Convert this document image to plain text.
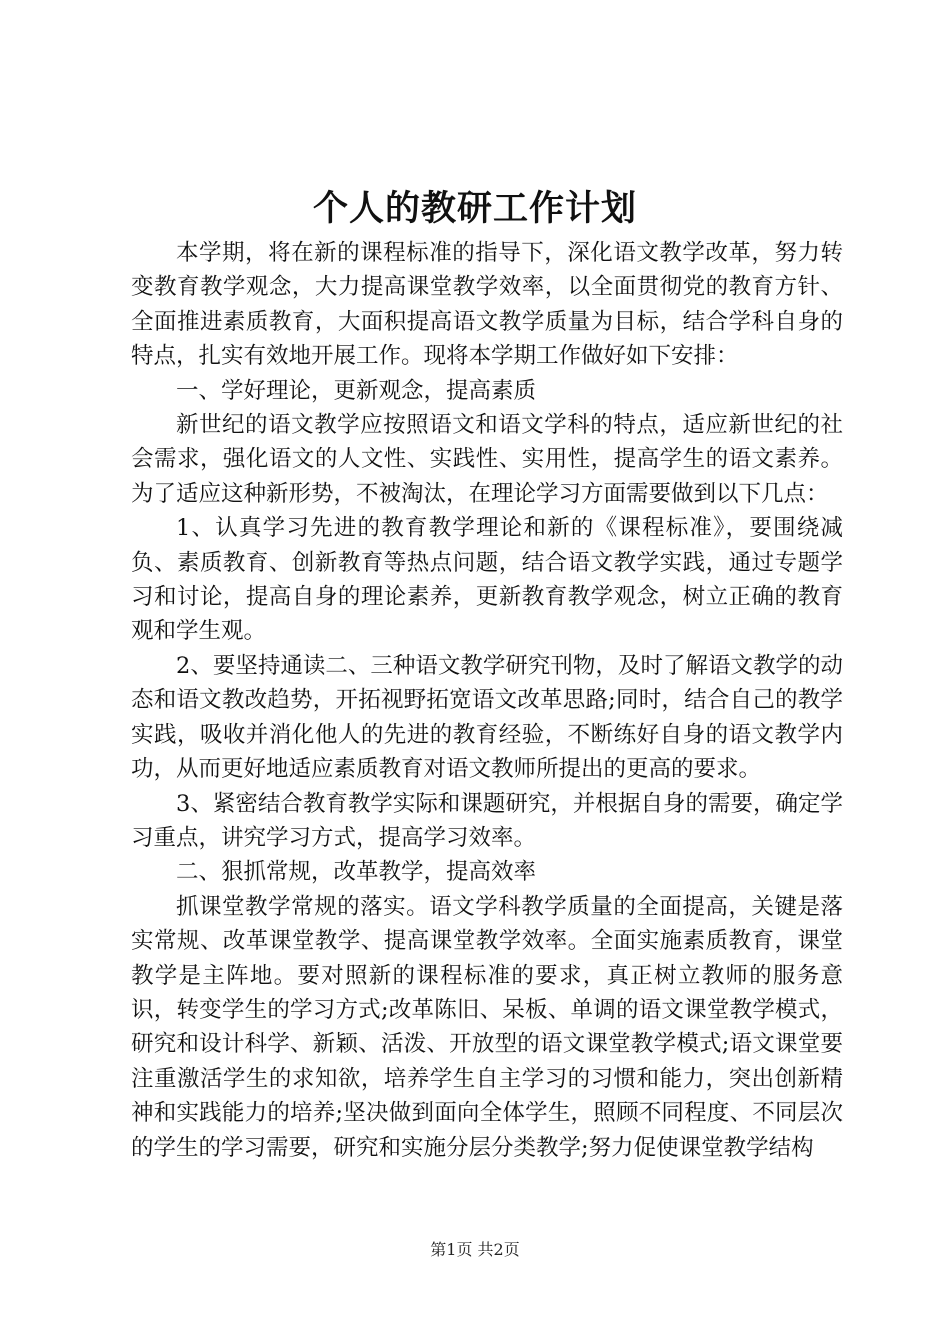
个人的教研工作计划

本学期，将在新的课程标准的指导下，深化语文教学改革，努力转变教育教学观念，大力提高课堂教学效率，以全面贯彻党的教育方针、全面推进素质教育，大面积提高语文教学质量为目标，结合学科自身的特点，扎实有效地开展工作。现将本学期工作做好如下安排：

一、学好理论，更新观念，提高素质

新世纪的语文教学应按照语文和语文学科的特点，适应新世纪的社会需求，强化语文的人文性、实践性、实用性，提高学生的语文素养。为了适应这种新形势，不被淘汰，在理论学习方面需要做到以下几点：

1、认真学习先进的教育教学理论和新的《课程标准》，要围绕减负、素质教育、创新教育等热点问题，结合语文教学实践，通过专题学习和讨论，提高自身的理论素养，更新教育教学观念，树立正确的教育观和学生观。

2、要坚持通读二、三种语文教学研究刊物，及时了解语文教学的动态和语文教改趋势，开拓视野拓宽语文改革思路;同时，结合自己的教学实践，吸收并消化他人的先进的教育经验，不断练好自身的语文教学内功，从而更好地适应素质教育对语文教师所提出的更高的要求。

3、紧密结合教育教学实际和课题研究，并根据自身的需要，确定学习重点，讲究学习方式，提高学习效率。

二、狠抓常规，改革教学，提高效率

抓课堂教学常规的落实。语文学科教学质量的全面提高，关键是落实常规、改革课堂教学、提高课堂教学效率。全面实施素质教育，课堂教学是主阵地。要对照新的课程标准的要求，真正树立教师的服务意识，转变学生的学习方式;改革陈旧、呆板、单调的语文课堂教学模式，研究和设计科学、新颖、活泼、开放型的语文课堂教学模式;语文课堂要注重激活学生的求知欲，培养学生自主学习的习惯和能力，突出创新精神和实践能力的培养;坚决做到面向全体学生，照顾不同程度、不同层次的学生的学习需要，研究和实施分层分类教学;努力促使课堂教学结构

第1页 共2页
